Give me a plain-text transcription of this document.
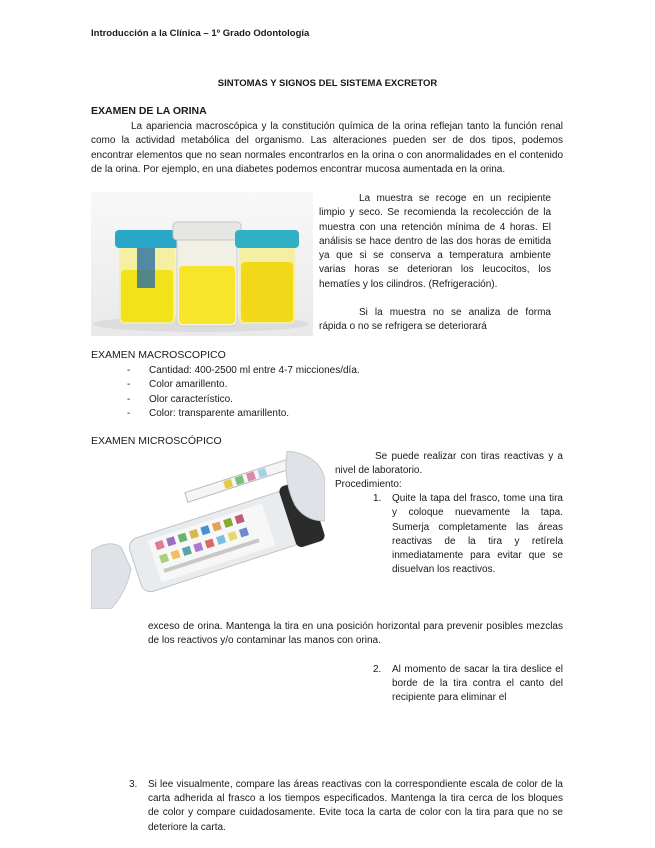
Introducción a la Clínica – 1º Grado Odontología
SINTOMAS Y SIGNOS DEL SISTEMA EXCRETOR
EXAMEN DE LA ORINA
La apariencia macroscópica y la constitución química de la orina reflejan tanto la función renal como la actividad metabólica del organismo. Las alteraciones pueden ser de dos tipos, podemos encontrar elementos que no sean normales encontrarlos en la orina o con anormalidades en el contenido de la orina. Por ejemplo, en una diabetes podemos encontrar mucosa aumentada en la orina.
La muestra se recoge en un recipiente limpio y seco. Se recomienda la recolección de la muestra con una retención mínima de 4 horas. El análisis se hace dentro de las dos horas de emitida ya que si se conserva a temperatura ambiente varias horas se deterioran los leucocitos, los hematíes y los cilindros. (Refrigeración).
Si la muestra no se analiza de forma rápida o no se refrigera se deteriorará
EXAMEN MACROSCOPICO
- Cantidad: 400-2500 ml entre 4-7 micciones/día.
- Color amarillento.
- Olor característico.
- Color: transparente amarillento.
EXAMEN MICROSCÓPICO
Se puede realizar con tiras reactivas y a nivel de laboratorio.
Procedimiento:
1. Quite la tapa del frasco, tome una tira y coloque nuevamente la tapa. Sumerja completamente las áreas reactivas de la tira y retírela inmediatamente para evitar que se disuelvan los reactivos.
2. Al momento de sacar la tira deslice el borde de la tira contra el canto del recipiente para eliminar el
exceso de orina. Mantenga la tira en una posición horizontal para prevenir posibles mezclas de los reactivos y/o contaminar las manos con orina.
3. Si lee visualmente, compare las áreas reactivas con la correspondiente escala de color de la carta adherida al frasco a los tiempos especificados. Mantenga la tira cerca de los bloques de color y compare cuidadosamente. Evite toca la carta de color con la tira para que no se deteriore la carta.
